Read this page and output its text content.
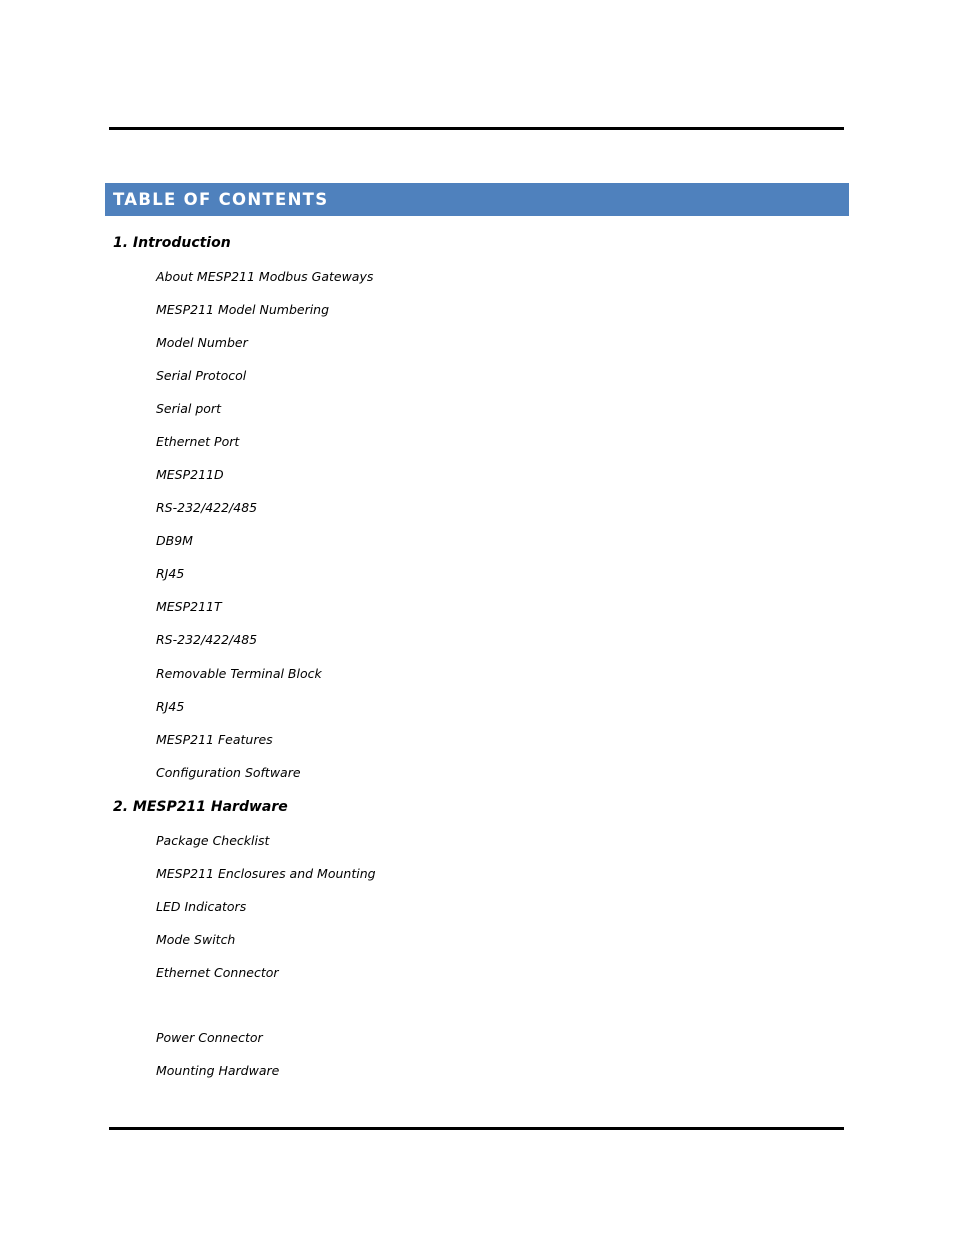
TABLE OF CONTENTS
1. Introduction
About MESP211 Modbus Gateways
MESP211 Model Numbering
Model Number
Serial Protocol
Serial port
Ethernet Port
MESP211D
RS-232/422/485
DB9M
RJ45
MESP211T
RS-232/422/485
Removable Terminal Block
RJ45
MESP211 Features
Configuration Software
2. MESP211 Hardware
Package Checklist
MESP211 Enclosures and Mounting
LED Indicators
Mode Switch
Ethernet Connector
Power Connector
Mounting Hardware
